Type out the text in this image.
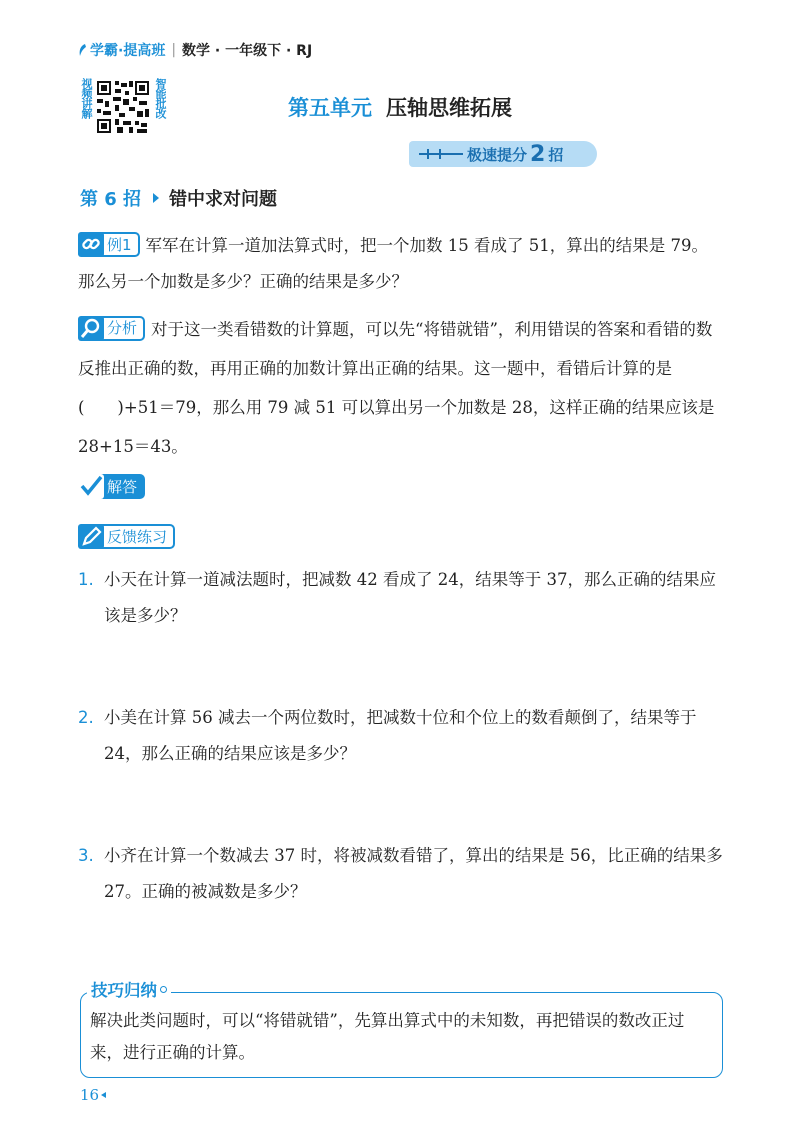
学霸·提高班 | 数学 · 一年级下 · RJ
视频讲解	智能批改	第五单元 压轴思维拓展
极速提分 2 招
第 6 招 错中求对问题
例1 军军在计算一道加法算式时，把一个加数 15 看成了 51，算出的结果是 79。那么另一个加数是多少？正确的结果是多少？
分析 对于这一类看错数的计算题，可以先“将错就错”，利用错误的答案和看错的数反推出正确的数，再用正确的加数计算出正确的结果。这一题中，看错后计算的是(　　)+51＝79，那么用 79 减 51 可以算出另一个加数是 28，这样正确的结果应该是 28+15＝43。
解答
反馈练习
1. 小天在计算一道减法题时，把减数 42 看成了 24，结果等于 37，那么正确的结果应该是多少？
2. 小美在计算 56 减去一个两位数时，把减数十位和个位上的数看颠倒了，结果等于 24，那么正确的结果应该是多少？
3. 小齐在计算一个数减去 37 时，将被减数看错了，算出的结果是 56，比正确的结果多 27。正确的被减数是多少？
技巧归纳
解决此类问题时，可以“将错就错”，先算出算式中的未知数，再把错误的数改正过来，进行正确的计算。
16
